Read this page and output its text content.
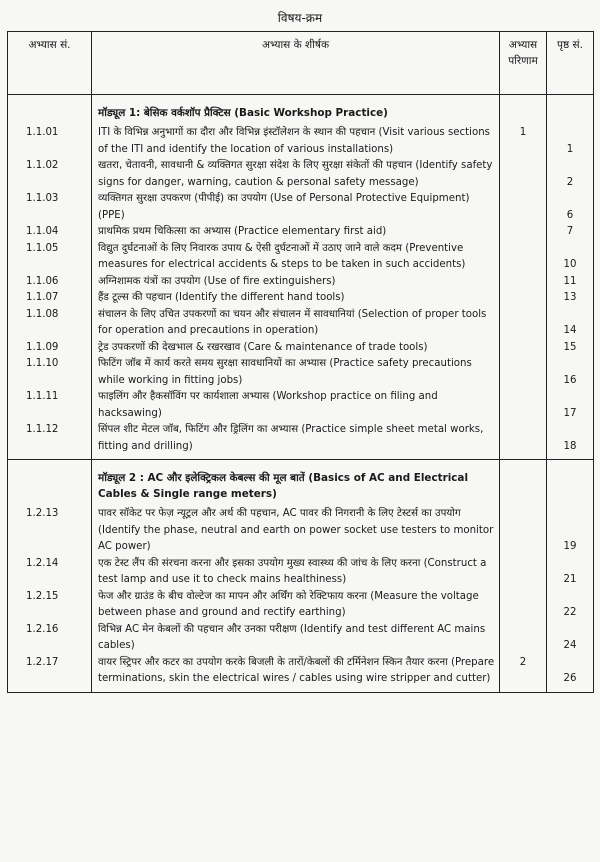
विषय-क्रम
अभ्यास सं.	अभ्यास के शीर्षक	अभ्यास
परिणाम	पृष्ठ सं.

	मॉड्यूल 1: बेसिक वर्कशॉप प्रैक्टिस (Basic Workshop Practice)		
1.1.01	ITI के विभिन्न अनुभागों का दौरा और विभिन्न इंस्टॉलेशन के स्थान की पहचान (Visit various sections of the ITI and identify the location of various installations)	1	1
1.1.02	खतरा, चेतावनी, सावधानी & व्यक्तिगत सुरक्षा संदेश के लिए सुरक्षा संकेतों की पहचान (Identify safety signs for danger, warning, caution & personal safety message)		2
1.1.03	व्यक्तिगत सुरक्षा उपकरण (पीपीई) का उपयोग (Use of Personal Protective Equipment) (PPE)		6
1.1.04	प्राथमिक प्रथम चिकित्सा का अभ्यास (Practice elementary first aid)		7
1.1.05	विद्युत दुर्घटनाओं के लिए निवारक उपाय & ऐसी दुर्घटनाओं में उठाए जाने वाले कदम (Preventive measures for electrical accidents & steps to be taken in such accidents)		10
1.1.06	अग्निशामक यंत्रों का उपयोग (Use of fire extinguishers)		11
1.1.07	हैंड टूल्स की पहचान (Identify the different hand tools)		13
1.1.08	संचालन के लिए उचित उपकरणों का चयन और संचालन में सावधानियां (Selection of proper tools for operation and precautions in operation)		14
1.1.09	ट्रेड उपकरणों की देखभाल & रखरखाव (Care & maintenance of trade tools)		15
1.1.10	फिटिंग जॉब में कार्य करते समय सुरक्षा सावधानियों का अभ्यास (Practice safety precautions while working in fitting jobs)		16
1.1.11	फाइलिंग और हैकसॉविंग पर कार्यशाला अभ्यास (Workshop practice on filing and hacksawing)		17
1.1.12	सिंपल शीट मेटल जॉब, फिटिंग और ड्रिलिंग का अभ्यास (Practice simple sheet metal works, fitting and drilling)		18

	मॉड्यूल 2 : AC और इलेक्ट्रिकल केबल्स की मूल बातें (Basics of AC and Electrical Cables & Single range meters)		
1.2.13	पावर सॉकेट पर फेज़ न्यूट्रल और अर्थ की पहचान, AC पावर की निगरानी के लिए टेस्टर्स का उपयोग (Identify the phase, neutral and earth on power socket use testers to monitor AC power)		19
1.2.14	एक टेस्ट लैंप की संरचना करना और इसका उपयोग मुख्य स्वास्थ्य की जांच के लिए करना (Construct a test lamp and use it to check mains healthiness)		21
1.2.15	फेज और ग्राउंड के बीच वोल्टेज का मापन और अर्थिंग को रेक्टिफाय करना (Measure the voltage between phase and ground and rectify earthing)		22
1.2.16	विभिन्न AC मेन केबलों की पहचान और उनका परीक्षण (Identify and test different AC mains cables)		24
1.2.17	वायर स्ट्रिपर और कटर का उपयोग करके बिजली के तारों/केबलों की टर्मिनेशन स्किन तैयार करना (Prepare terminations, skin the electrical wires / cables using wire stripper and cutter)	2	26
